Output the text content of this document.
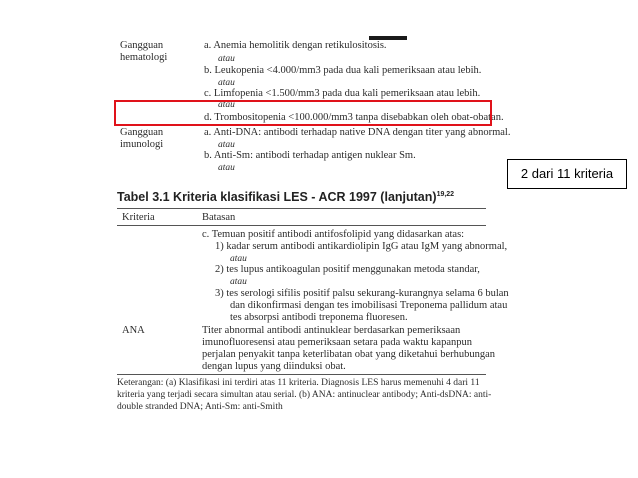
Gangguan
hematologi
a. Anemia hemolitik dengan retikulositosis.
atau
b. Leukopenia <4.000/mm3 pada dua kali pemeriksaan atau lebih.
atau
c. Limfopenia <1.500/mm3 pada dua kali pemeriksaan atau lebih.
atau
d. Trombositopenia <100.000/mm3 tanpa disebabkan oleh obat-obatan.
Gangguan
imunologi
a. Anti-DNA: antibodi terhadap native DNA dengan titer yang abnormal.
atau
b. Anti-Sm: antibodi terhadap antigen nuklear Sm.
atau
Tabel 3.1 Kriteria klasifikasi LES - ACR 1997 (lanjutan)$^{19,22}$
Kriteria	Batasan
c. Temuan positif antibodi antifosfolipid yang didasarkan atas:
1) kadar serum antibodi antikardiolipin IgG atau IgM yang abnormal,
atau
2) tes lupus antikoagulan positif menggunakan metoda standar,
atau
3) tes serologi sifilis positif palsu sekurang-kurangnya selama 6 bulan
dan dikonfirmasi dengan tes imobilisasi Treponema pallidum atau
tes absorpsi antibodi treponema fluoresen.
ANA	Titer abnormal antibodi antinuklear berdasarkan pemeriksaan
imunofluoresensi atau pemeriksaan setara pada waktu kapanpun
perjalan penyakit tanpa keterlibatan obat yang diketahui berhubungan
dengan lupus yang diinduksi obat.
Keterangan: (a) Klasifikasi ini terdiri atas 11 kriteria. Diagnosis LES harus memenuhi 4 dari 11
kriteria yang terjadi secara simultan atau serial. (b) ANA: antinuclear antibody; Anti-dsDNA: anti-
double stranded DNA; Anti-Sm: anti-Smith
2 dari 11 kriteria
